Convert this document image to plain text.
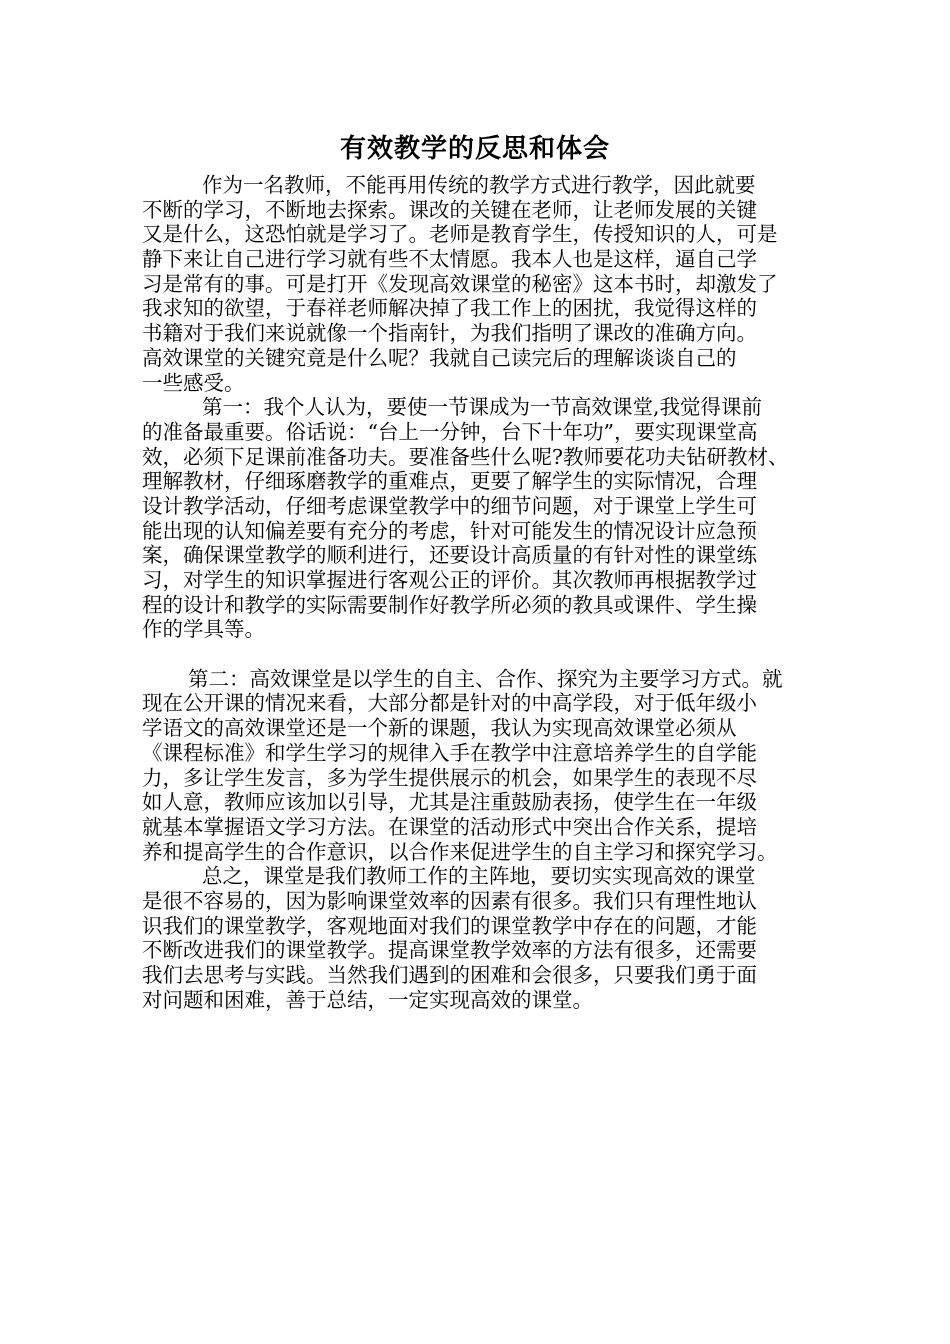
有效教学的反思和体会
作为一名教师，不能再用传统的教学方式进行教学，因此就要
不断的学习，不断地去探索。课改的关键在老师，让老师发展的关键
又是什么，这恐怕就是学习了。老师是教育学生，传授知识的人，可是
静下来让自己进行学习就有些不太情愿。我本人也是这样，逼自己学
习是常有的事。可是打开《发现高效课堂的秘密》这本书时，却激发了
我求知的欲望，于春祥老师解决掉了我工作上的困扰，我觉得这样的
书籍对于我们来说就像一个指南针，为我们指明了课改的准确方向。
高效课堂的关键究竟是什么呢？我就自己读完后的理解谈谈自己的
一些感受。
第一：我个人认为，要使一节课成为一节高效课堂,我觉得课前
的准备最重要。俗话说：“台上一分钟，台下十年功”，要实现课堂高
效，必须下足课前准备功夫。要准备些什么呢?教师要花功夫钻研教材、
理解教材，仔细琢磨教学的重难点，更要了解学生的实际情况，合理
设计教学活动，仔细考虑课堂教学中的细节问题，对于课堂上学生可
能出现的认知偏差要有充分的考虑，针对可能发生的情况设计应急预
案，确保课堂教学的顺利进行，还要设计高质量的有针对性的课堂练
习，对学生的知识掌握进行客观公正的评价。其次教师再根据教学过
程的设计和教学的实际需要制作好教学所必须的教具或课件、学生操
作的学具等。
第二：高效课堂是以学生的自主、合作、探究为主要学习方式。就
现在公开课的情况来看，大部分都是针对的中高学段，对于低年级小
学语文的高效课堂还是一个新的课题，我认为实现高效课堂必须从
《课程标准》和学生学习的规律入手在教学中注意培养学生的自学能
力，多让学生发言，多为学生提供展示的机会，如果学生的表现不尽
如人意，教师应该加以引导，尤其是注重鼓励表扬，使学生在一年级
就基本掌握语文学习方法。在课堂的活动形式中突出合作关系，提培
养和提高学生的合作意识，以合作来促进学生的自主学习和探究学习。
总之，课堂是我们教师工作的主阵地，要切实实现高效的课堂
是很不容易的，因为影响课堂效率的因素有很多。我们只有理性地认
识我们的课堂教学，客观地面对我们的课堂教学中存在的问题，才能
不断改进我们的课堂教学。提高课堂教学效率的方法有很多，还需要
我们去思考与实践。当然我们遇到的困难和会很多，只要我们勇于面
对问题和困难，善于总结，一定实现高效的课堂。
